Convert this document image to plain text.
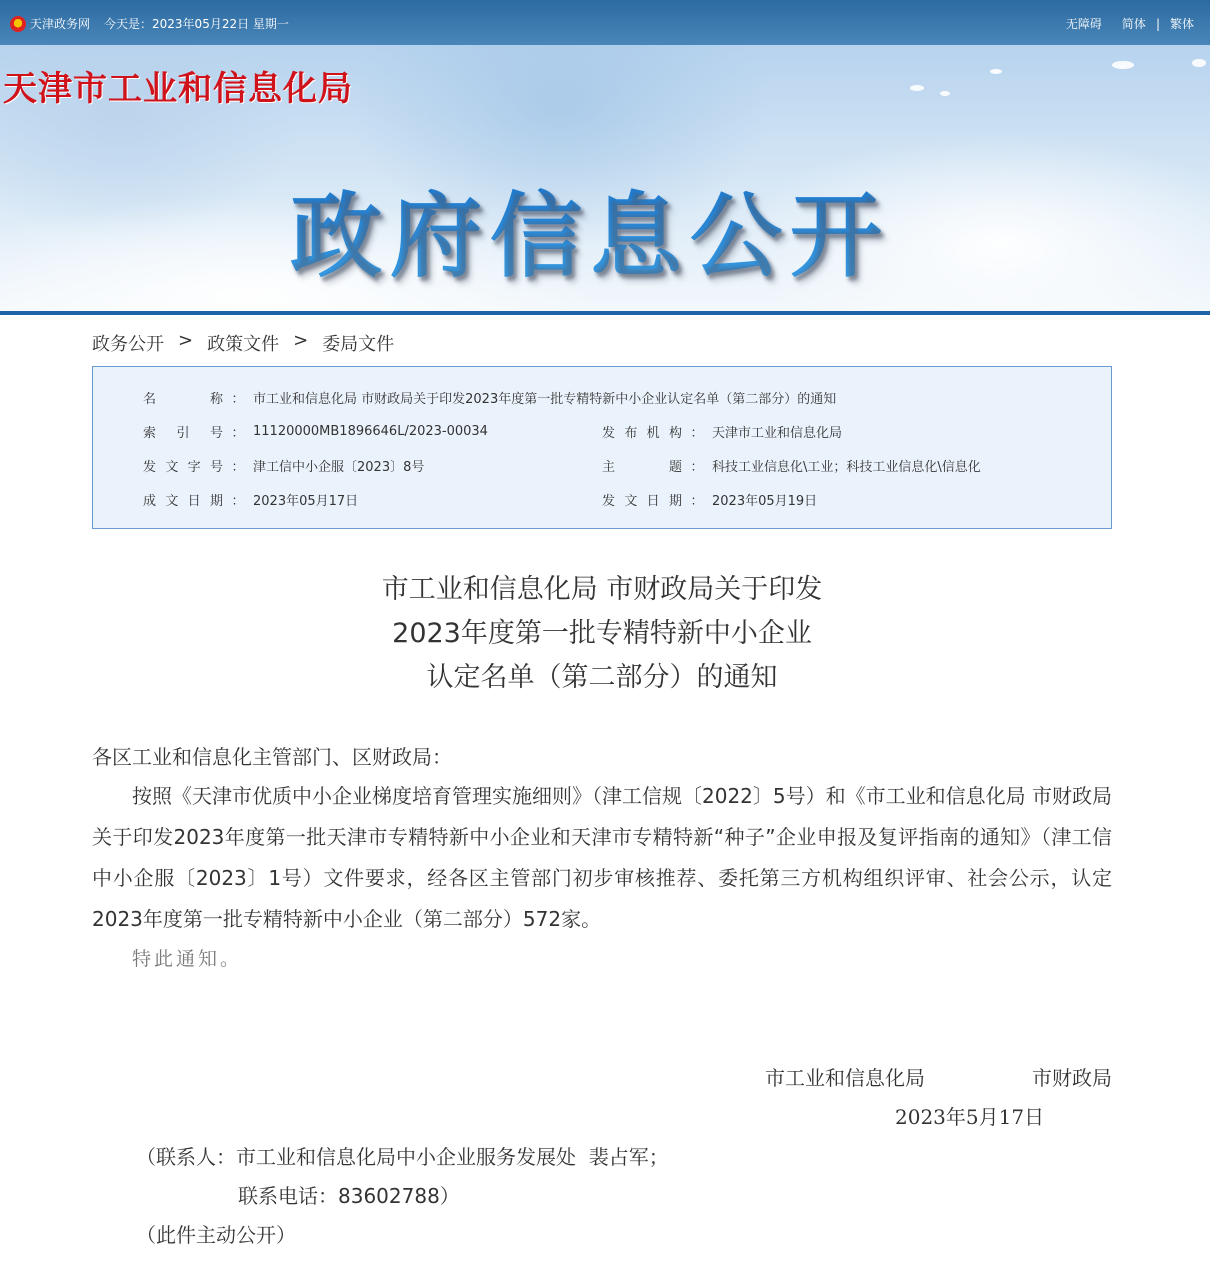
天津政务网 今天是：2023年05月22日 星期一	无障碍 简体 | 繁体
天津市工业和信息化局
政府信息公开
政务公开 > 政策文件 > 委局文件
名	称 ： 市工业和信息化局 市财政局关于印发2023年度第一批专精特新中小企业认定名单（第二部分）的通知
索 引 号 ： 11120000MB1896646L/2023-00034	发 布 机 构 ： 天津市工业和信息化局
发 文 字 号 ： 津工信中小企服〔2023〕8号	主	题 ： 科技工业信息化\工业；科技工业信息化\信息化
成 文 日 期 ： 2023年05月17日	发 文 日 期 ： 2023年05月19日
市工业和信息化局 市财政局关于印发
2023年度第一批专精特新中小企业
认定名单（第二部分）的通知
各区工业和信息化主管部门、区财政局：
按照《天津市优质中小企业梯度培育管理实施细则》（津工信规〔2022〕5号）和《市工业和信息化局 市财政局关于印发2023年度第一批天津市专精特新中小企业和天津市专精特新“种子”企业申报及复评指南的通知》（津工信中小企服〔2023〕1号）文件要求，经各区主管部门初步审核推荐、委托第三方机构组织评审、社会公示，认定2023年度第一批专精特新中小企业（第二部分）572家。
特此通知。
市工业和信息化局	市财政局
2023年5月17日
（联系人：市工业和信息化局中小企业服务发展处  裴占军；
联系电话：83602788）
（此件主动公开）
